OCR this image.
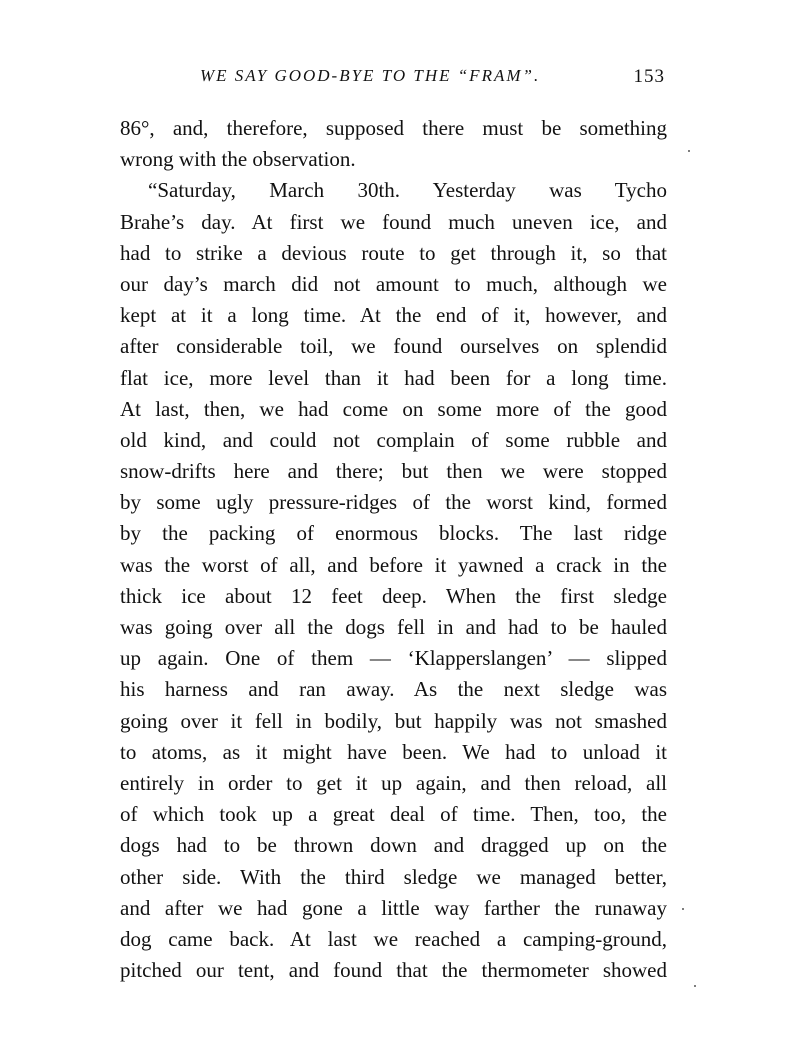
WE SAY GOOD-BYE TO THE “FRAM”.	153
86°, and, therefore, supposed there must be something
wrong with the observation.
“Saturday, March 30th. Yesterday was Tycho
Brahe’s day. At first we found much uneven ice, and
had to strike a devious route to get through it, so that
our day’s march did not amount to much, although we
kept at it a long time. At the end of it, however, and
after considerable toil, we found ourselves on splendid
flat ice, more level than it had been for a long time.
At last, then, we had come on some more of the good
old kind, and could not complain of some rubble and
snow-drifts here and there; but then we were stopped
by some ugly pressure-ridges of the worst kind, formed
by the packing of enormous blocks. The last ridge
was the worst of all, and before it yawned a crack in the
thick ice about 12 feet deep. When the first sledge
was going over all the dogs fell in and had to be hauled
up again. One of them — ‘Klapperslangen’ — slipped
his harness and ran away. As the next sledge was
going over it fell in bodily, but happily was not smashed
to atoms, as it might have been. We had to unload it
entirely in order to get it up again, and then reload, all
of which took up a great deal of time. Then, too, the
dogs had to be thrown down and dragged up on the
other side. With the third sledge we managed better,
and after we had gone a little way farther the runaway
dog came back. At last we reached a camping-ground,
pitched our tent, and found that the thermometer showed
